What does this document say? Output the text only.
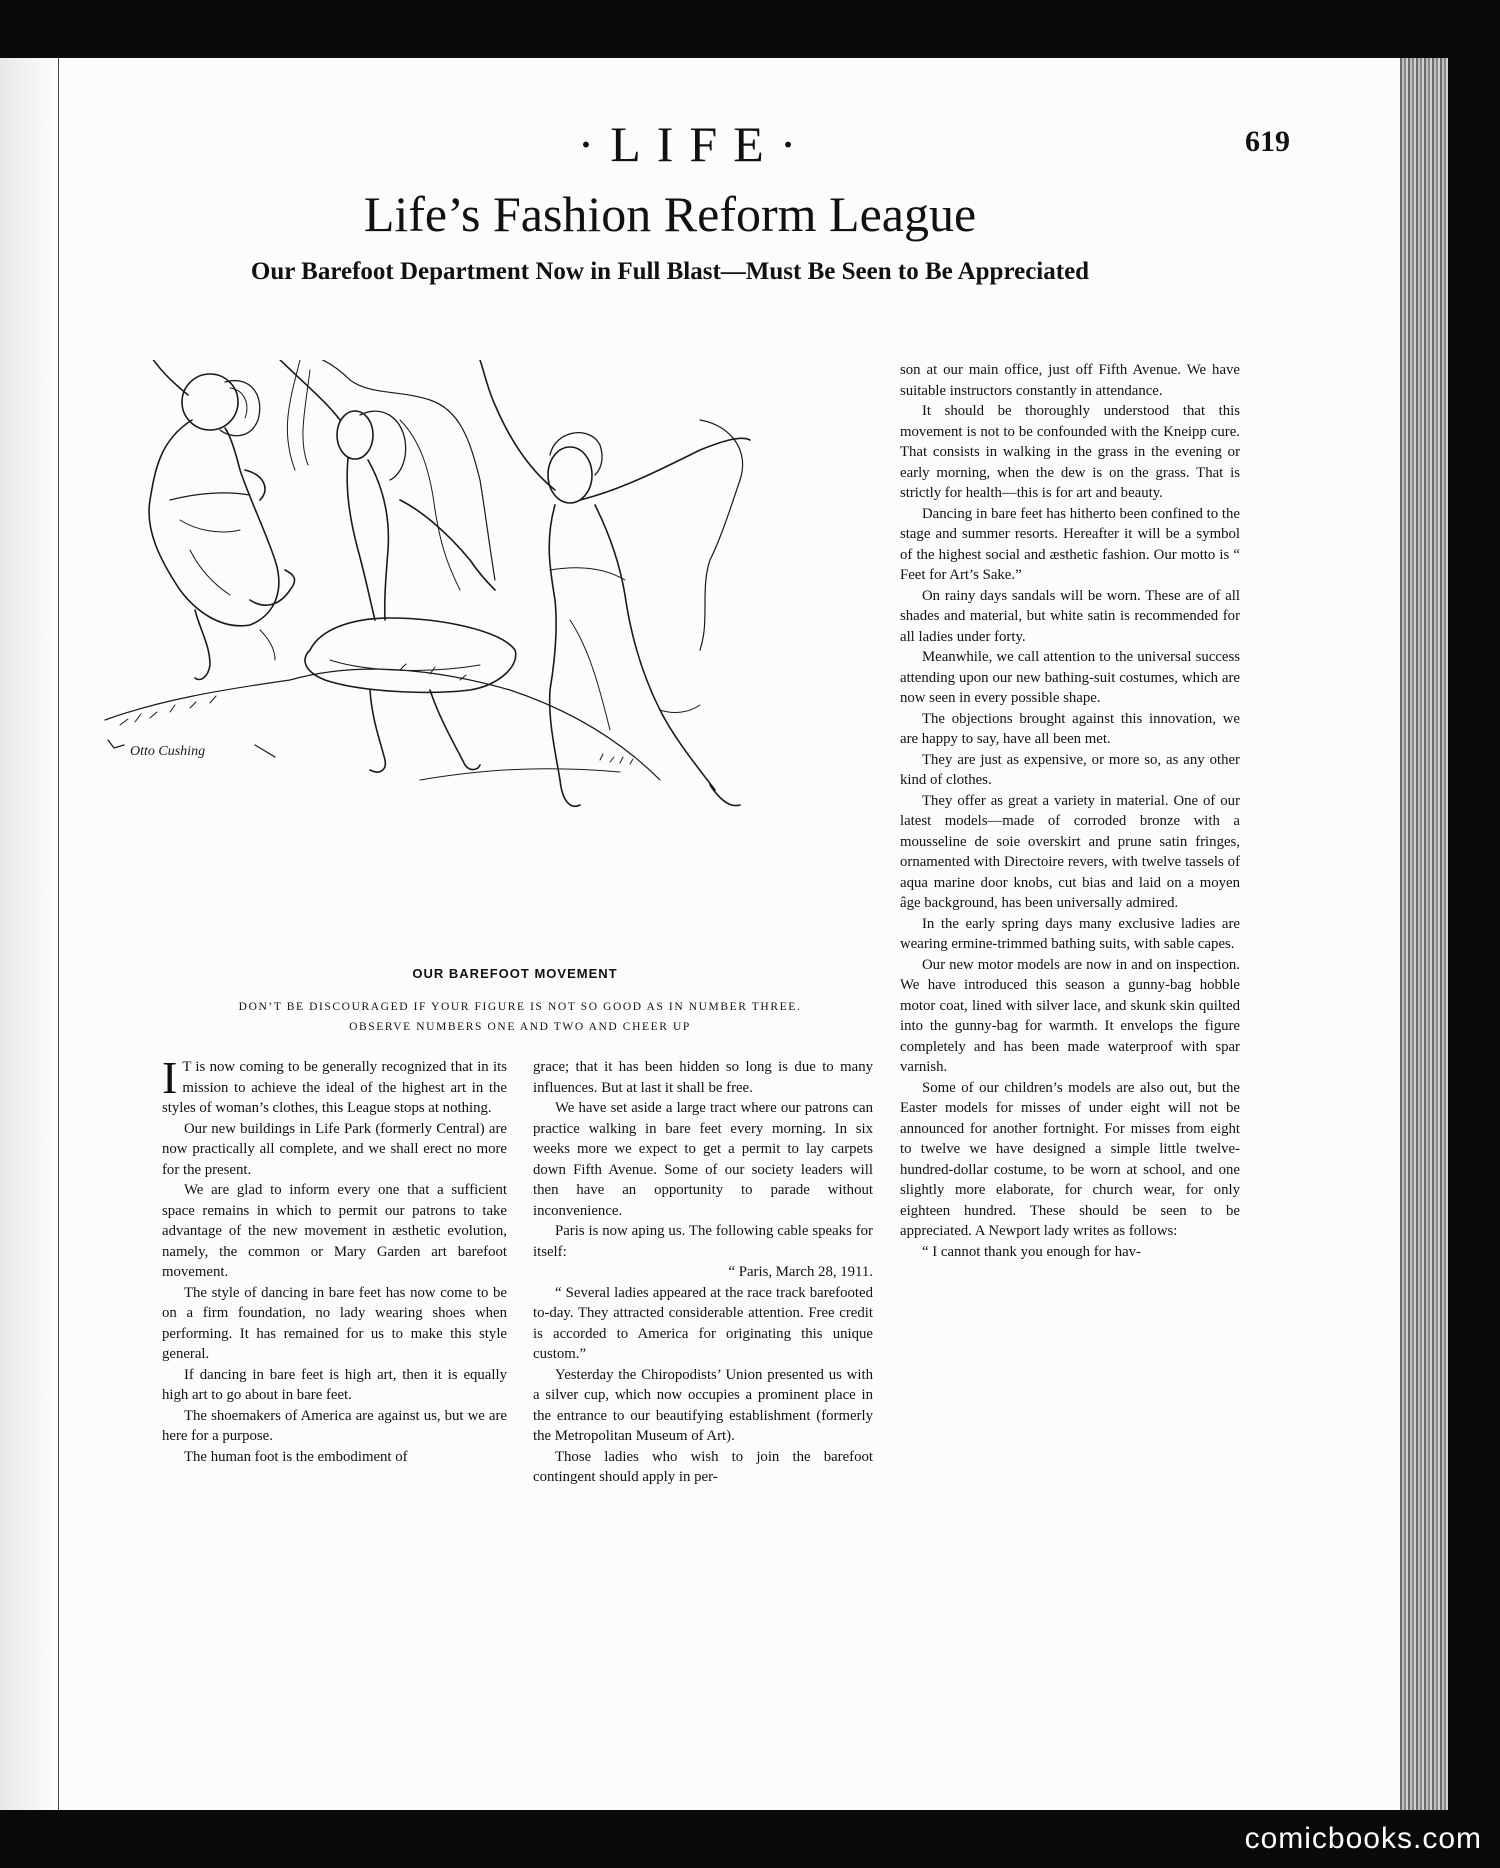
·LIFE·	619
Life’s Fashion Reform League
Our Barefoot Department Now in Full Blast—Must Be Seen to Be Appreciated
Otto Cushing
OUR BAREFOOT MOVEMENT
DON’T BE DISCOURAGED IF YOUR FIGURE IS NOT SO GOOD AS IN NUMBER THREE.
OBSERVE NUMBERS ONE AND TWO AND CHEER UP

I T is now coming to be generally recognized that in its mission to achieve the ideal of the highest art in the styles of woman’s clothes, this League stops at nothing.

Our new buildings in Life Park (formerly Central) are now practically all complete, and we shall erect no more for the present.

We are glad to inform every one that a sufficient space remains in which to permit our patrons to take advantage of the new movement in æsthetic evolution, namely, the common or Mary Garden art barefoot movement.

The style of dancing in bare feet has now come to be on a firm foundation, no lady wearing shoes when performing. It has remained for us to make this style general.

If dancing in bare feet is high art, then it is equally high art to go about in bare feet.

The shoemakers of America are against us, but we are here for a purpose.

The human foot is the embodiment of

grace; that it has been hidden so long is due to many influences. But at last it shall be free.

We have set aside a large tract where our patrons can practice walking in bare feet every morning. In six weeks more we expect to get a permit to lay carpets down Fifth Avenue. Some of our society leaders will then have an opportunity to parade without inconvenience.

Paris is now aping us. The following cable speaks for itself:

“ Paris, March 28, 1911.

“ Several ladies appeared at the race track barefooted to-day. They attracted considerable attention. Free credit is accorded to America for originating this unique custom.”

Yesterday the Chiropodists’ Union presented us with a silver cup, which now occupies a prominent place in the entrance to our beautifying establishment (formerly the Metropolitan Museum of Art).

Those ladies who wish to join the barefoot contingent should apply in per-

son at our main office, just off Fifth Avenue. We have suitable instructors constantly in attendance.

It should be thoroughly understood that this movement is not to be confounded with the Kneipp cure. That consists in walking in the grass in the evening or early morning, when the dew is on the grass. That is strictly for health—this is for art and beauty.

Dancing in bare feet has hitherto been confined to the stage and summer resorts. Hereafter it will be a symbol of the highest social and æsthetic fashion. Our motto is “ Feet for Art’s Sake.”

On rainy days sandals will be worn. These are of all shades and material, but white satin is recommended for all ladies under forty.

Meanwhile, we call attention to the universal success attending upon our new bathing-suit costumes, which are now seen in every possible shape.

The objections brought against this innovation, we are happy to say, have all been met.

They are just as expensive, or more so, as any other kind of clothes.

They offer as great a variety in material. One of our latest models—made of corroded bronze with a mousseline de soie overskirt and prune satin fringes, ornamented with Directoire revers, with twelve tassels of aqua marine door knobs, cut bias and laid on a moyen âge background, has been universally admired.

In the early spring days many exclusive ladies are wearing ermine-trimmed bathing suits, with sable capes.

Our new motor models are now in and on inspection. We have introduced this season a gunny-bag hobble motor coat, lined with silver lace, and skunk skin quilted into the gunny-bag for warmth. It envelops the figure completely and has been made waterproof with spar varnish.

Some of our children’s models are also out, but the Easter models for misses of under eight will not be announced for another fortnight. For misses from eight to twelve we have designed a simple little twelve-hundred-dollar costume, to be worn at school, and one slightly more elaborate, for church wear, for only eighteen hundred. These should be seen to be appreciated. A Newport lady writes as follows:

“ I cannot thank you enough for hav-

comicbooks.com
